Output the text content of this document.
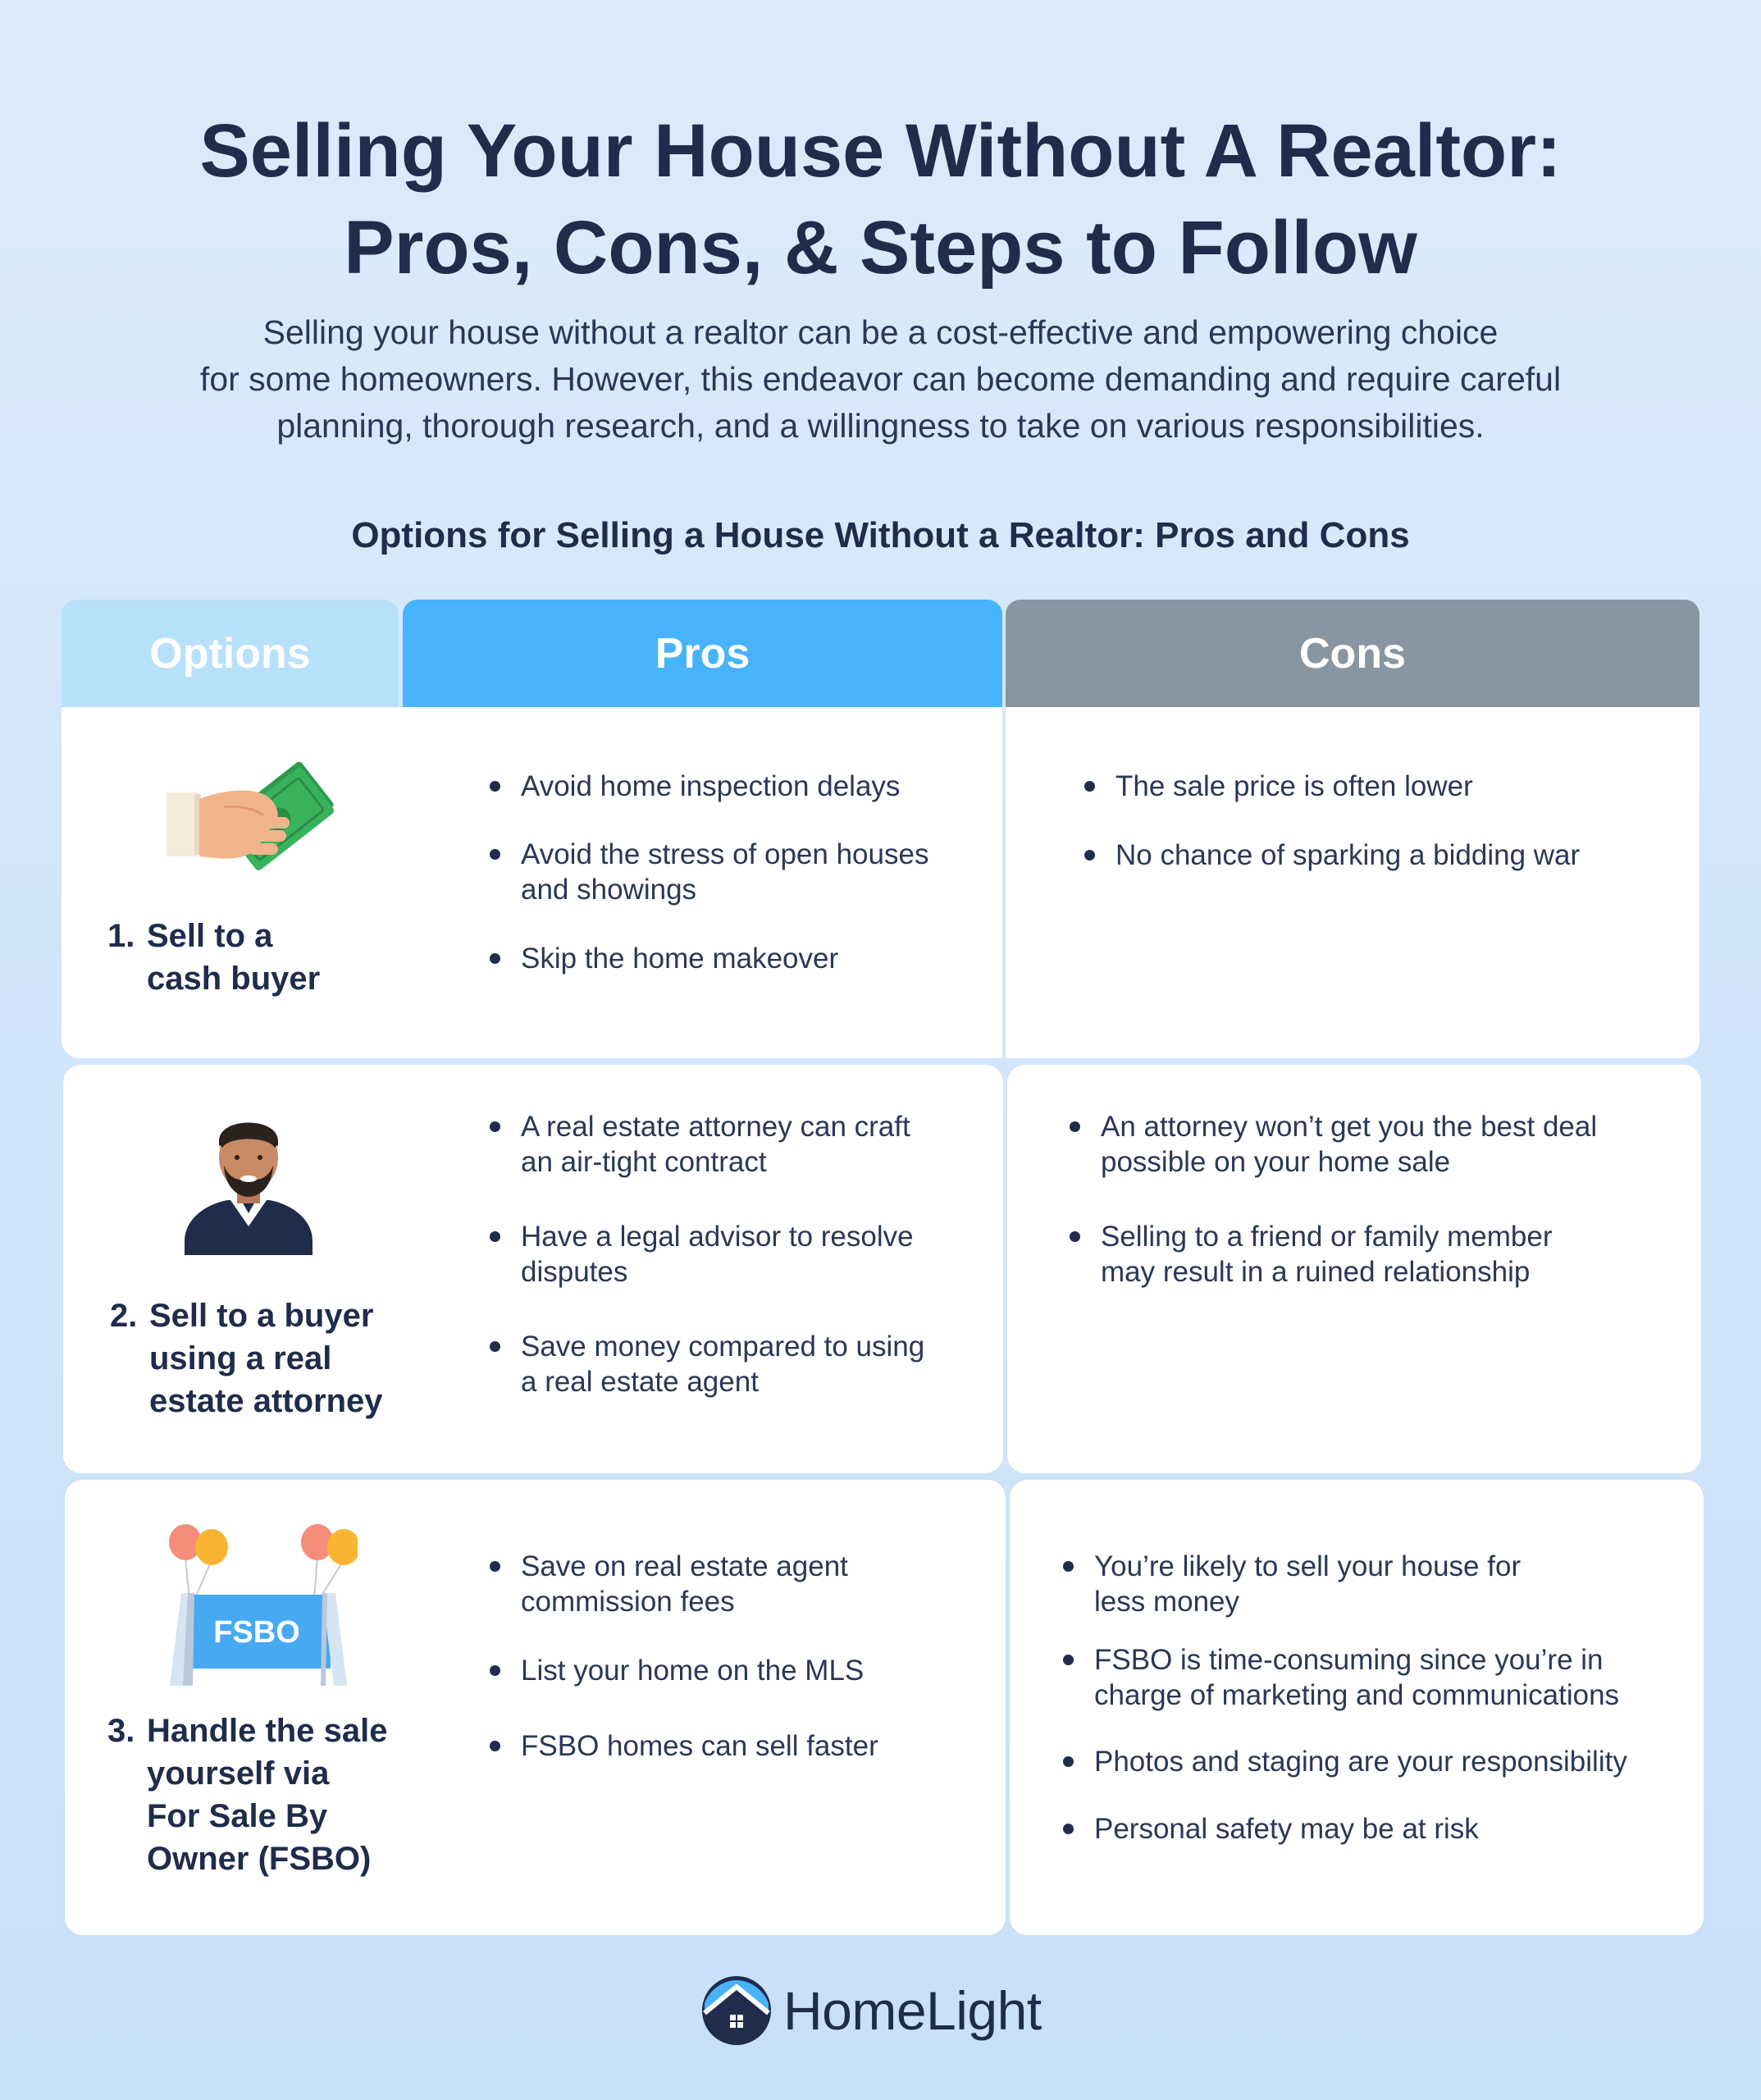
Selling Your House Without A Realtor:
Pros, Cons, & Steps to Follow

Selling your house without a realtor can be a cost-effective and empowering choice
for some homeowners. However, this endeavor can become demanding and require careful
planning, thorough research, and a willingness to take on various responsibilities.

Options for Selling a House Without a Realtor: Pros and Cons
Options	Pros	Cons
1. Sell to a
cash buyer
Avoid home inspection delays
Avoid the stress of open houses
and showings
Skip the home makeover
The sale price is often lower
No chance of sparking a bidding war
2. Sell to a buyer
using a real
estate attorney
A real estate attorney can craft
an air-tight contract
Have a legal advisor to resolve
disputes
Save money compared to using
a real estate agent
An attorney won’t get you the best deal
possible on your home sale
Selling to a friend or family member
may result in a ruined relationship
FSBO
3. Handle the sale
yourself via
For Sale By
Owner (FSBO)
Save on real estate agent
commission fees
List your home on the MLS
FSBO homes can sell faster
You’re likely to sell your house for
less money
FSBO is time-consuming since you’re in
charge of marketing and communications
Photos and staging are your responsibility
Personal safety may be at risk
HomeLight
